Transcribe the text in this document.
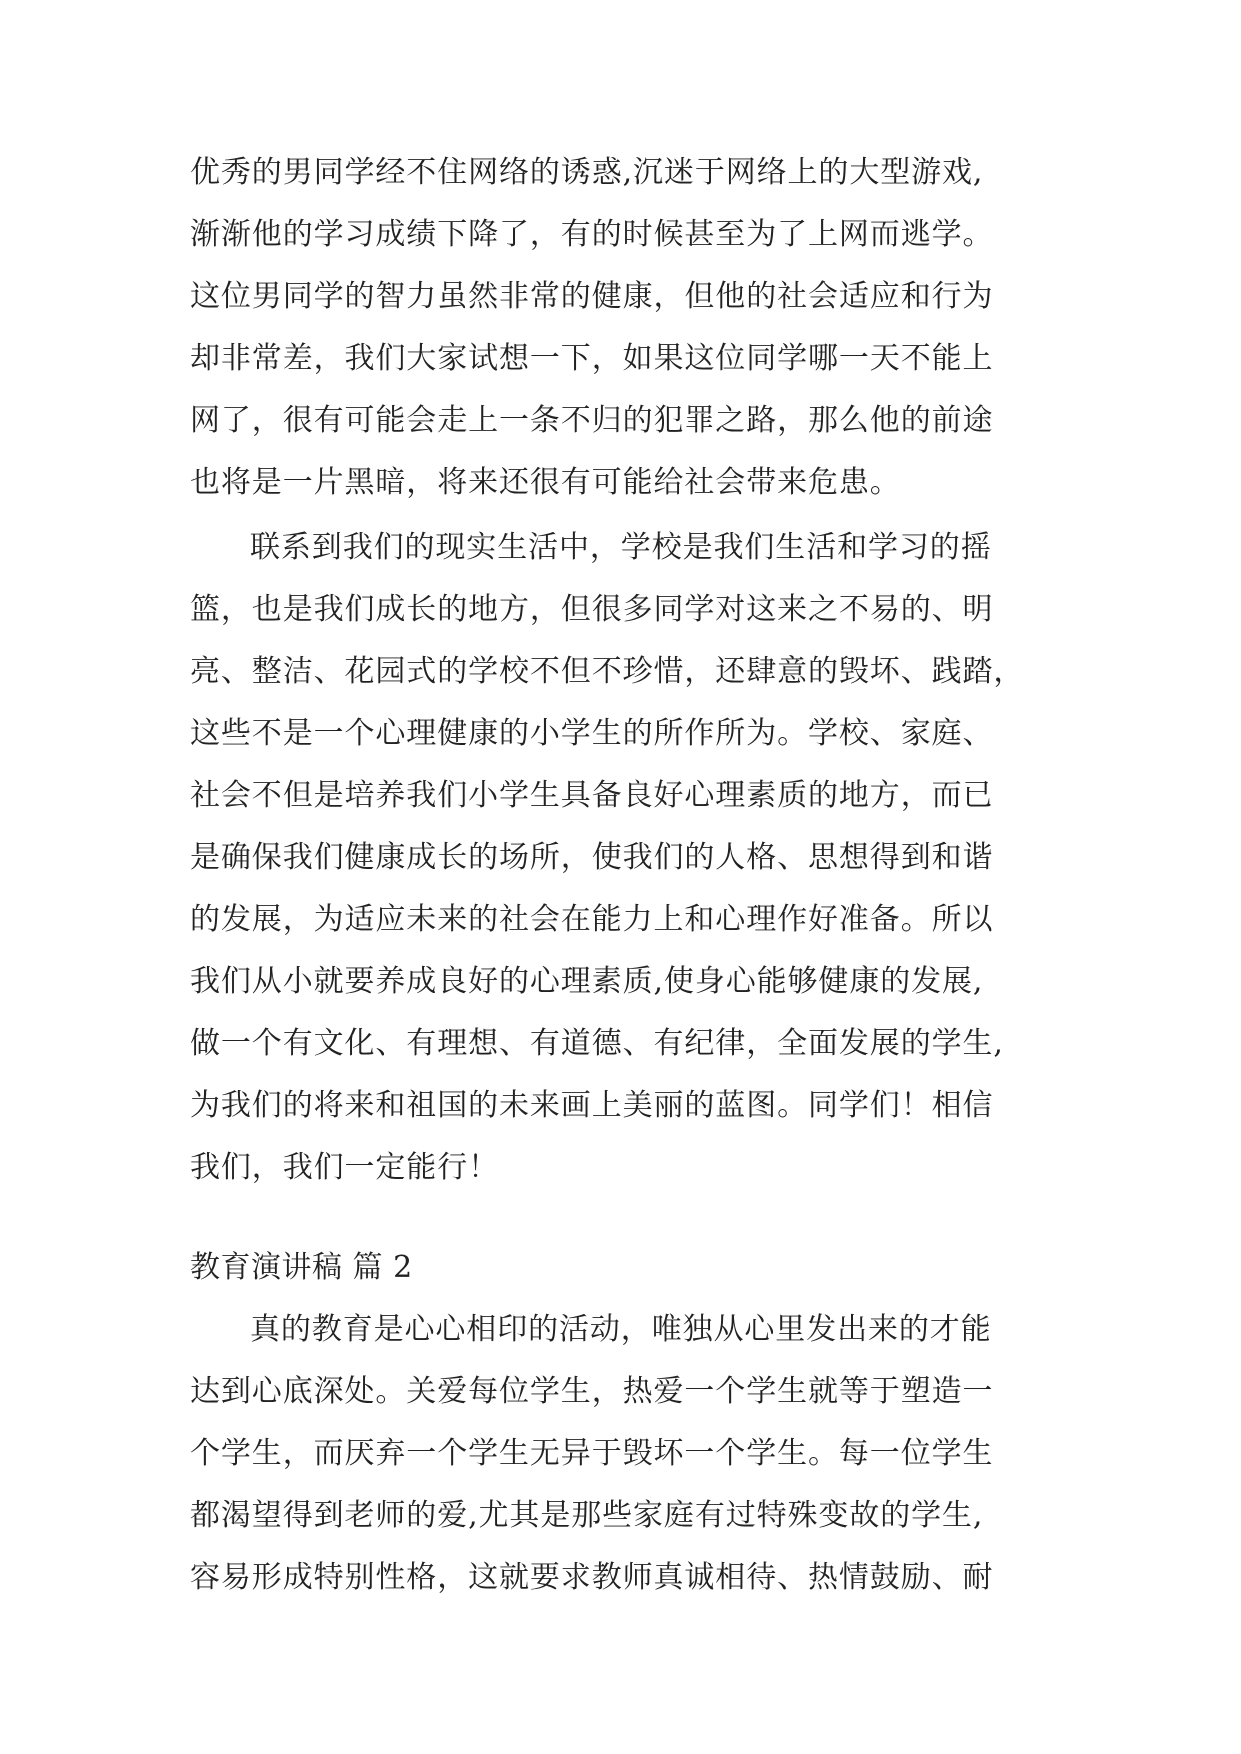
优秀的男同学经不住网络的诱惑,沉迷于网络上的大型游戏,
渐渐他的学习成绩下降了，有的时候甚至为了上网而逃学。
这位男同学的智力虽然非常的健康，但他的社会适应和行为
却非常差，我们大家试想一下，如果这位同学哪一天不能上
网了，很有可能会走上一条不归的犯罪之路，那么他的前途
也将是一片黑暗，将来还很有可能给社会带来危患。
联系到我们的现实生活中，学校是我们生活和学习的摇
篮，也是我们成长的地方，但很多同学对这来之不易的、明
亮、整洁、花园式的学校不但不珍惜，还肆意的毁坏、践踏，
这些不是一个心理健康的小学生的所作所为。学校、家庭、
社会不但是培养我们小学生具备良好心理素质的地方，而已
是确保我们健康成长的场所，使我们的人格、思想得到和谐
的发展，为适应未来的社会在能力上和心理作好准备。所以
我们从小就要养成良好的心理素质,使身心能够健康的发展,
做一个有文化、有理想、有道德、有纪律，全面发展的学生,
为我们的将来和祖国的未来画上美丽的蓝图。同学们！相信
我们，我们一定能行！
教育演讲稿 篇 2
真的教育是心心相印的活动，唯独从心里发出来的才能
达到心底深处。关爱每位学生，热爱一个学生就等于塑造一
个学生，而厌弃一个学生无异于毁坏一个学生。每一位学生
都渴望得到老师的爱,尤其是那些家庭有过特殊变故的学生,
容易形成特别性格，这就要求教师真诚相待、热情鼓励、耐
